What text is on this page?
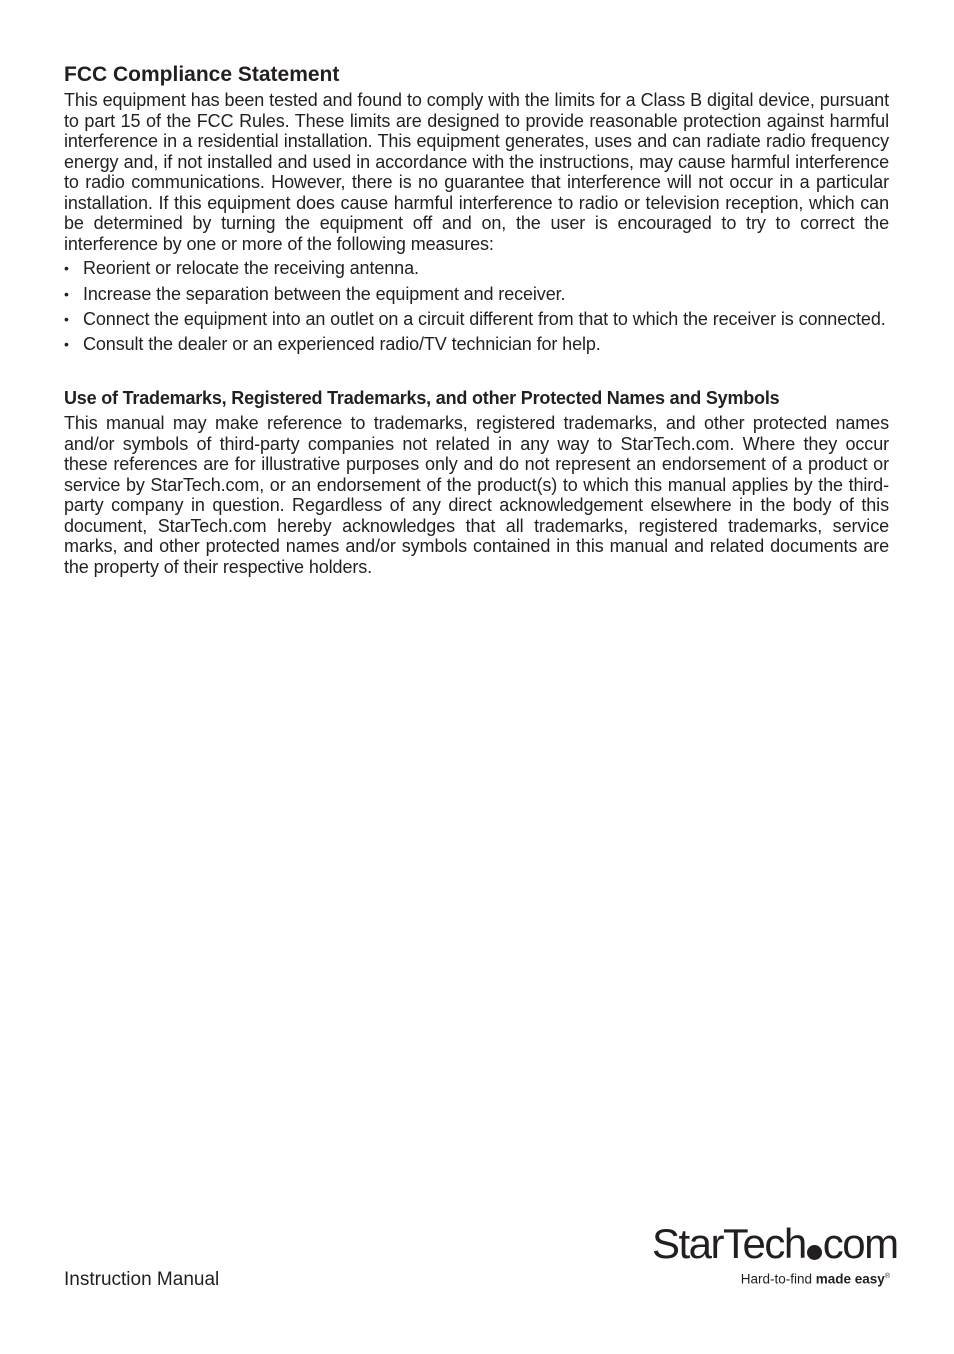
FCC Compliance Statement

This equipment has been tested and found to comply with the limits for a Class B digital device, pursuant to part 15 of the FCC Rules. These limits are designed to provide reasonable protection against harmful interference in a residential installation. This equipment generates, uses and can radiate radio frequency energy and, if not installed and used in accordance with the instructions, may cause harmful interference to radio communications. However, there is no guarantee that interference will not occur in a particular installation. If this equipment does cause harmful interference to radio or television reception, which can be determined by turning the equipment off and on, the user is encouraged to try to correct the interference by one or more of the following measures:

• Reorient or relocate the receiving antenna.
• Increase the separation between the equipment and receiver.
• Connect the equipment into an outlet on a circuit different from that to which the receiver is connected.
• Consult the dealer or an experienced radio/TV technician for help.
Use of Trademarks, Registered Trademarks, and other Protected Names and Symbols

This manual may make reference to trademarks, registered trademarks, and other protected names and/or symbols of third-party companies not related in any way to StarTech.com. Where they occur these references are for illustrative purposes only and do not represent an endorsement of a product or service by StarTech.com, or an endorsement of the product(s) to which this manual applies by the third-party company in question. Regardless of any direct acknowledgement elsewhere in the body of this document, StarTech.com hereby acknowledges that all trademarks, registered trademarks, service marks, and other protected names and/or symbols contained in this manual and related documents are the property of their respective holders.

Instruction Manual
StarTech com
Hard-to-find made easy®
